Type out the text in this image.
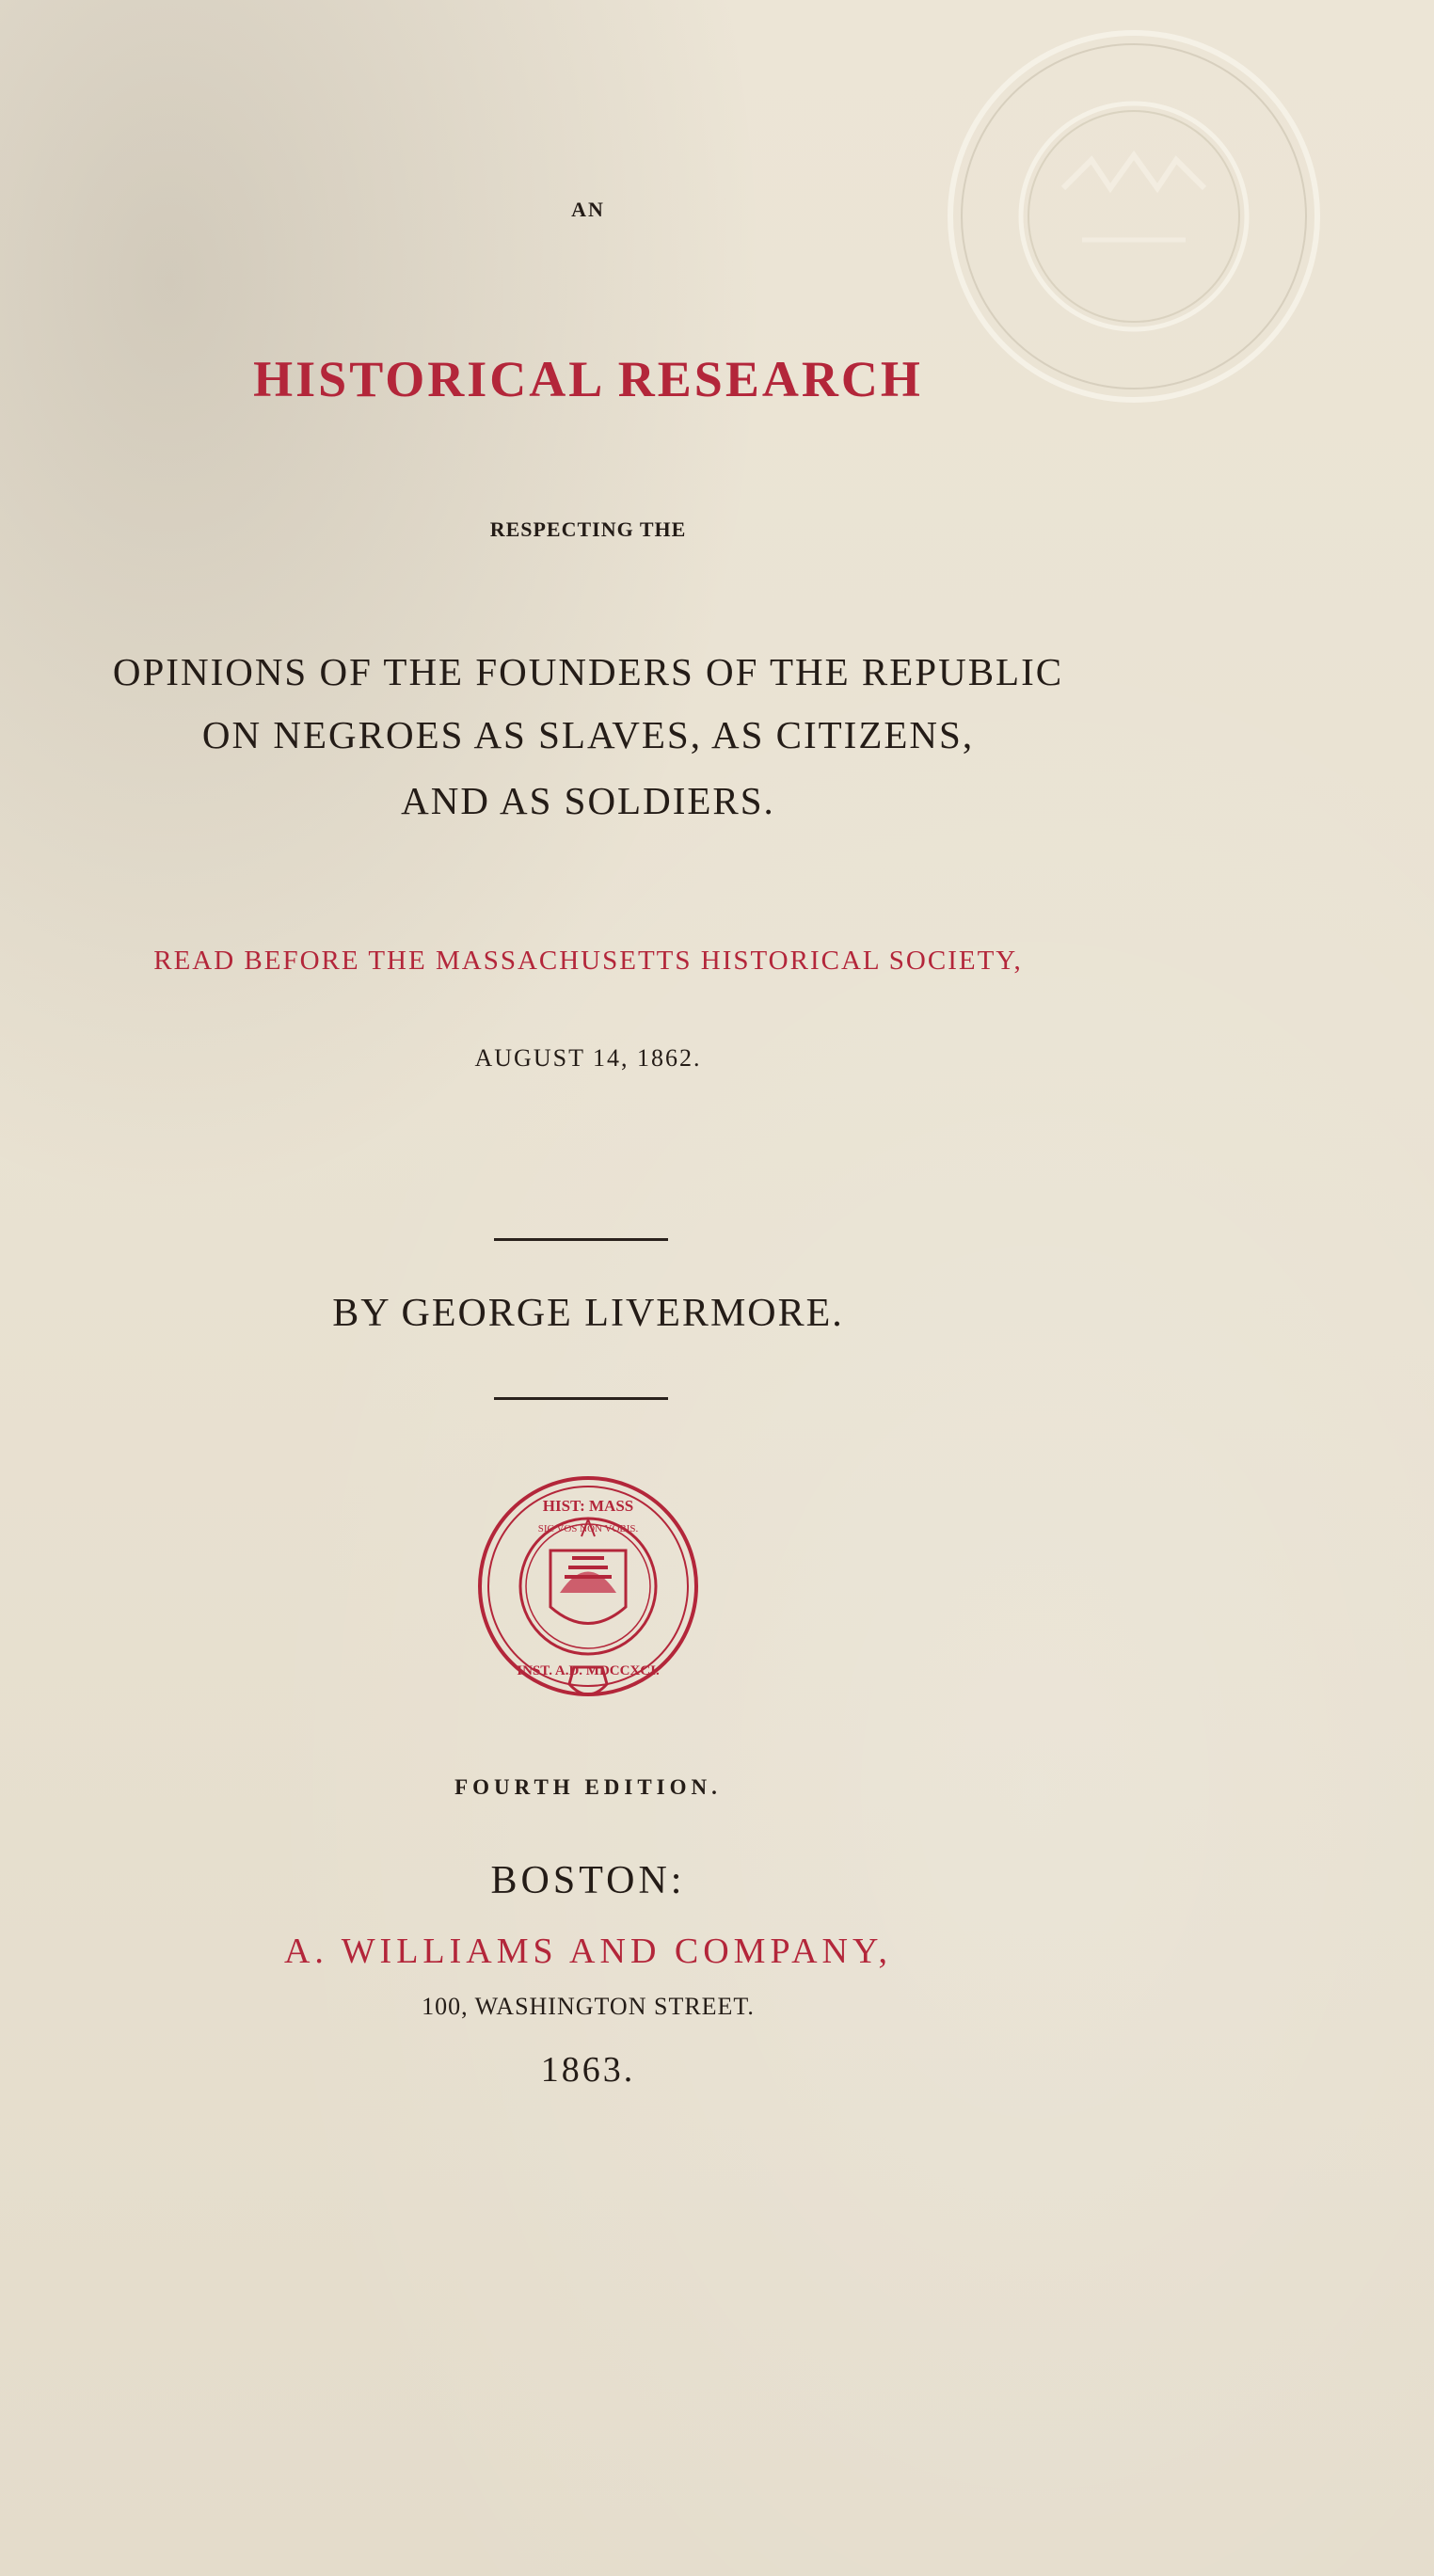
AN
HISTORICAL RESEARCH
RESPECTING THE
OPINIONS OF THE FOUNDERS OF THE REPUBLIC
ON NEGROES AS SLAVES, AS CITIZENS,
AND AS SOLDIERS.
READ BEFORE THE MASSACHUSETTS HISTORICAL SOCIETY,
AUGUST 14, 1862.
BY GEORGE LIVERMORE.
HIST: MASS
INST. A.D. MDCCXCI.
SIC VOS NON VOBIS.
FOURTH EDITION.
BOSTON:
A. WILLIAMS AND COMPANY,
100, WASHINGTON STREET.
1863.
